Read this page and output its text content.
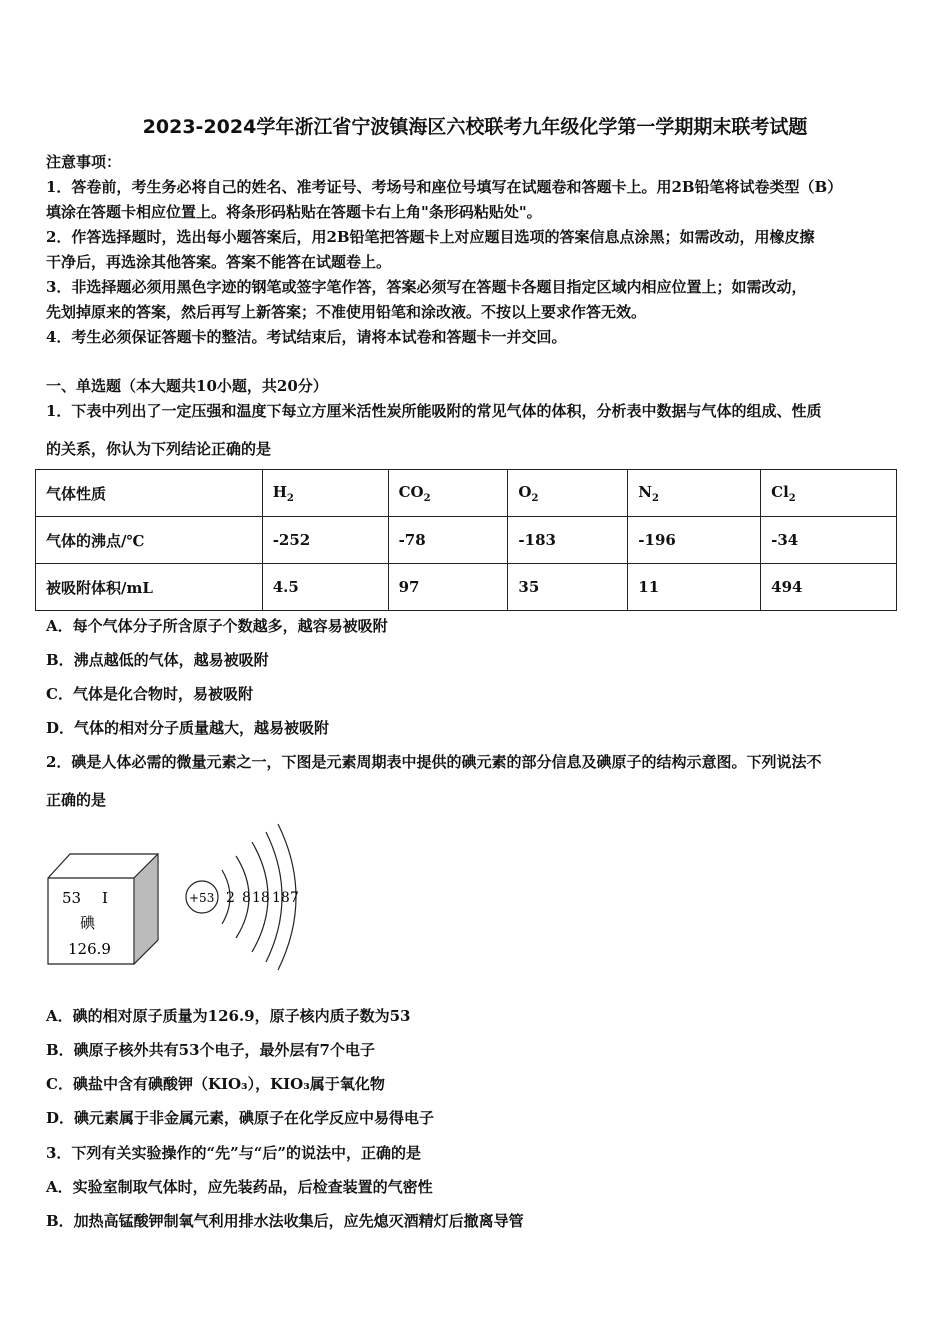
2023-2024学年浙江省宁波镇海区六校联考九年级化学第一学期期末联考试题
注意事项：
1．答卷前，考生务必将自己的姓名、准考证号、考场号和座位号填写在试题卷和答题卡上。用2B铅笔将试卷类型（B）
填涂在答题卡相应位置上。将条形码粘贴在答题卡右上角"条形码粘贴处"。
2．作答选择题时，选出每小题答案后，用2B铅笔把答题卡上对应题目选项的答案信息点涂黑；如需改动，用橡皮擦
干净后，再选涂其他答案。答案不能答在试题卷上。
3．非选择题必须用黑色字迹的钢笔或签字笔作答，答案必须写在答题卡各题目指定区域内相应位置上；如需改动，
先划掉原来的答案，然后再写上新答案；不准使用铅笔和涂改液。不按以上要求作答无效。
4．考生必须保证答题卡的整洁。考试结束后，请将本试卷和答题卡一并交回。
一、单选题（本大题共10小题，共20分）
1．下表中列出了一定压强和温度下每立方厘米活性炭所能吸附的常见气体的体积，分析表中数据与气体的组成、性质
的关系，你认为下列结论正确的是
气体性质	$H_2$	$CO_2$	$O_2$	$N_2$	$Cl_2$
气体的沸点/℃	-252	-78	-183	-196	-34
被吸附体积/mL	4.5	97	35	11	494
A．每个气体分子所含原子个数越多，越容易被吸附
B．沸点越低的气体，越易被吸附
C．气体是化合物时，易被吸附
D．气体的相对分子质量越大，越易被吸附
2．碘是人体必需的微量元素之一，下图是元素周期表中提供的碘元素的部分信息及碘原子的结构示意图。下列说法不
正确的是
53 I
碘
126.9
+53 2 8 18 18 7
A．碘的相对原子质量为126.9，原子核内质子数为53
B．碘原子核外共有53个电子，最外层有7个电子
C．碘盐中含有碘酸钾（KIO₃），KIO₃属于氧化物
D．碘元素属于非金属元素，碘原子在化学反应中易得电子
3．下列有关实验操作的“先”与“后”的说法中，正确的是
A．实验室制取气体时，应先装药品，后检查装置的气密性
B．加热高锰酸钾制氧气利用排水法收集后，应先熄灭酒精灯后撤离导管
